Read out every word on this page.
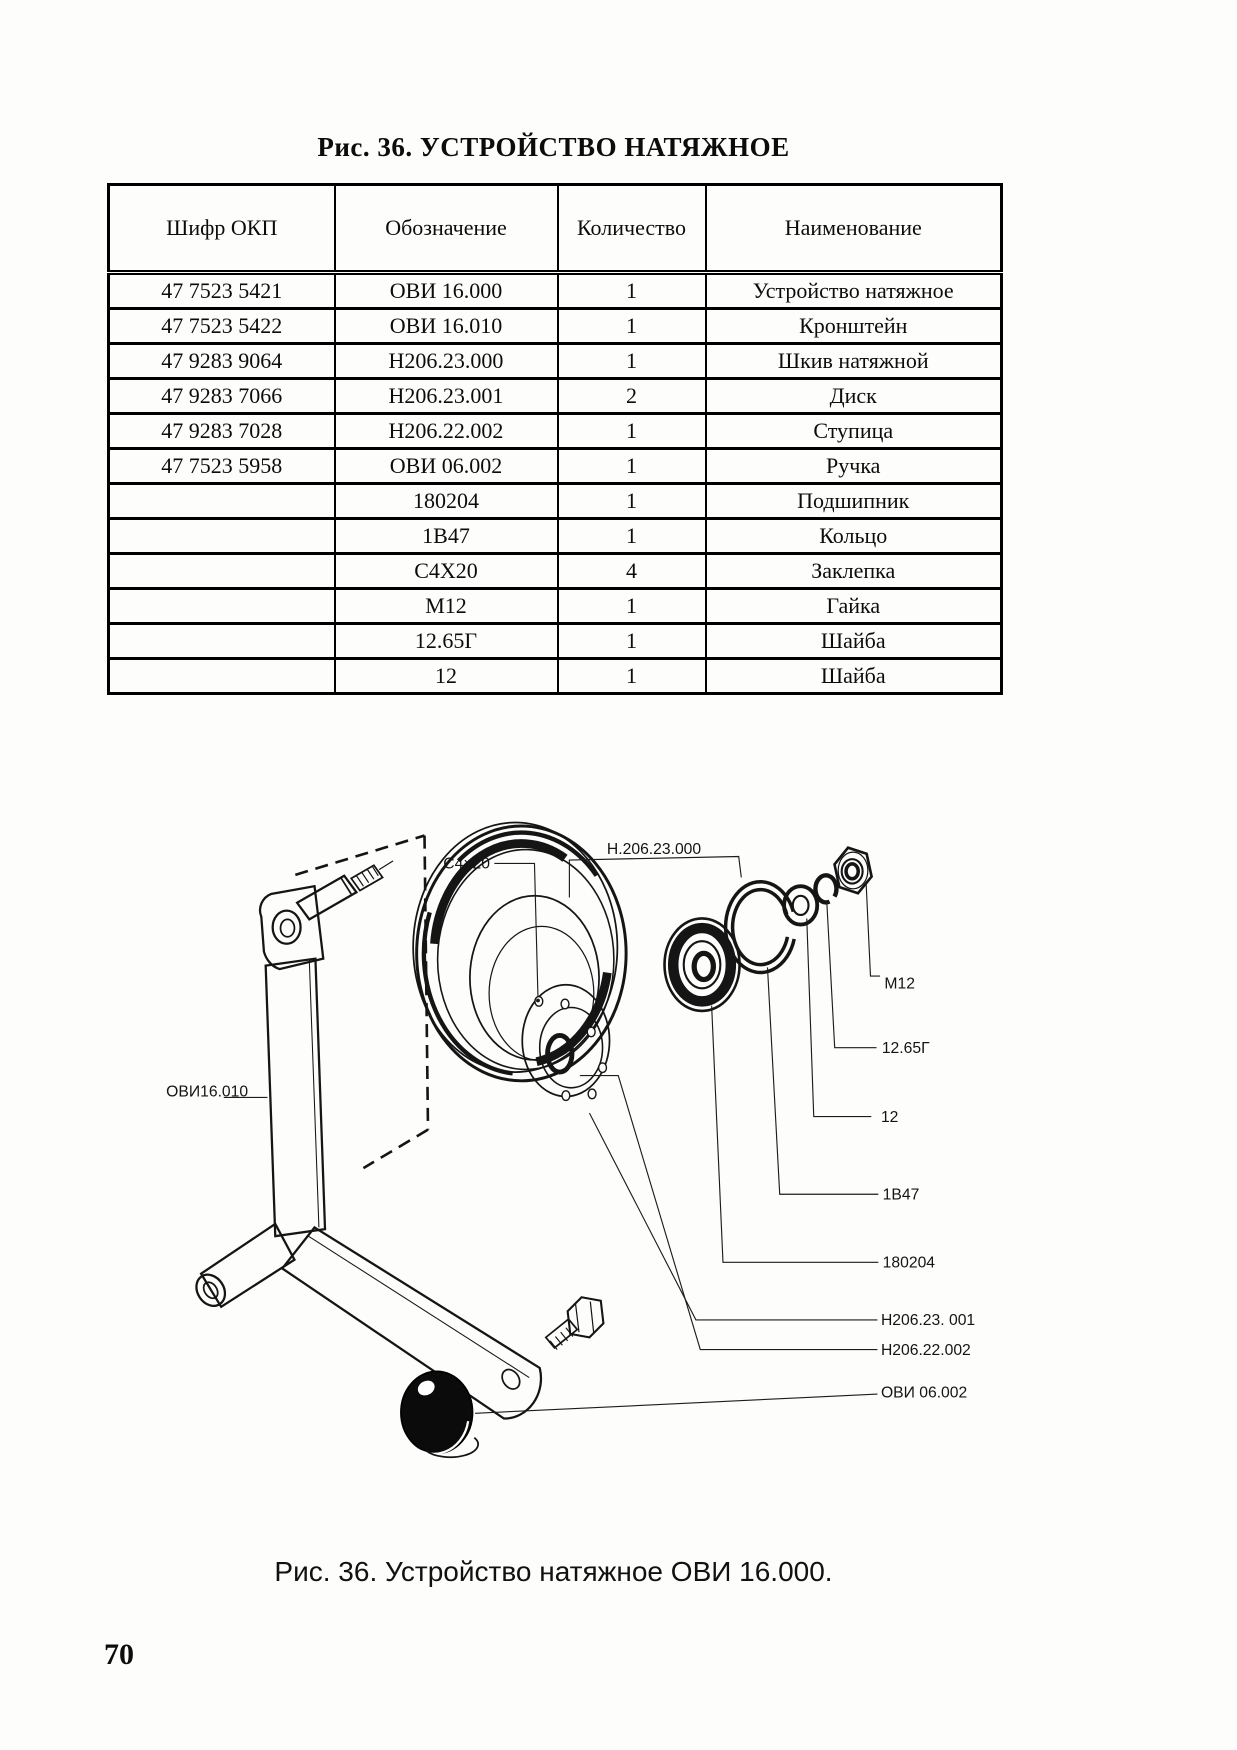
Рис. 36. УСТРОЙСТВО НАТЯЖНОЕ
Шифр ОКП	Обозначение	Количество	Наименование
47 7523 5421	ОВИ 16.000	1	Устройство натяжное
47 7523 5422	ОВИ 16.010	1	Кронштейн
47 9283 9064	Н206.23.000	1	Шкив натяжной
47 9283 7066	Н206.23.001	2	Диск
47 9283 7028	Н206.22.002	1	Ступица
47 7523 5958	ОВИ 06.002	1	Ручка
	180204	1	Подшипник
	1В47	1	Кольцо
	С4Х20	4	Заклепка
	М12	1	Гайка
	12.65Г	1	Шайба
	12	1	Шайба
С4×20
Н.206.23.000
ОВИ16.010
М12
12.65Г
12
1В47
180204
Н206.23. 001
Н206.22.002
ОВИ 06.002
Рис. 36. Устройство натяжное ОВИ 16.000.
70
